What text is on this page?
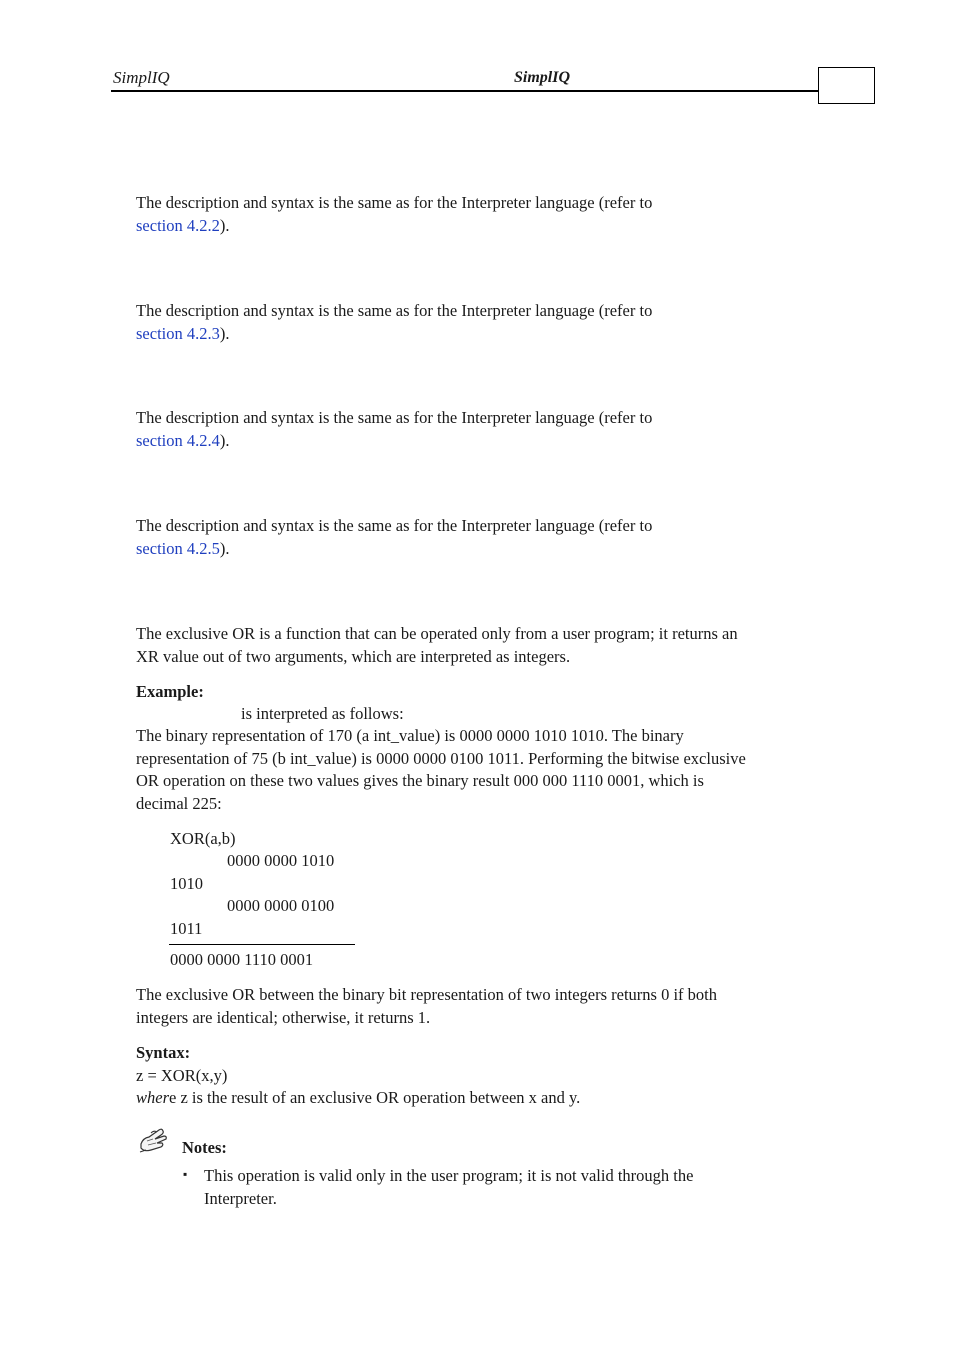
SimplIQ	SimplIQ
The description and syntax is the same as for the Interpreter language (refer to
section 4.2.2).
The description and syntax is the same as for the Interpreter language (refer to
section 4.2.3).
The description and syntax is the same as for the Interpreter language (refer to
section 4.2.4).
The description and syntax is the same as for the Interpreter language (refer to
section 4.2.5).
The exclusive OR is a function that can be operated only from a user program; it returns an
XR value out of two arguments, which are interpreted as integers.
Example:
is interpreted as follows:
The binary representation of 170 (a int_value) is 0000 0000 1010 1010. The binary
representation of 75 (b int_value) is 0000 0000 0100 1011. Performing the bitwise exclusive
OR operation on these two values gives the binary result 000 000 1110 0001, which is
decimal 225:
XOR(a,b)
0000 0000 1010
1010
0000 0000 0100
1011
0000 0000 1110 0001
The exclusive OR between the binary bit representation of two integers returns 0 if both
integers are identical; otherwise, it returns 1.
Syntax:
z = XOR(x,y)
where z is the result of an exclusive OR operation between x and y.
Notes:
▪ This operation is valid only in the user program; it is not valid through the
Interpreter.
